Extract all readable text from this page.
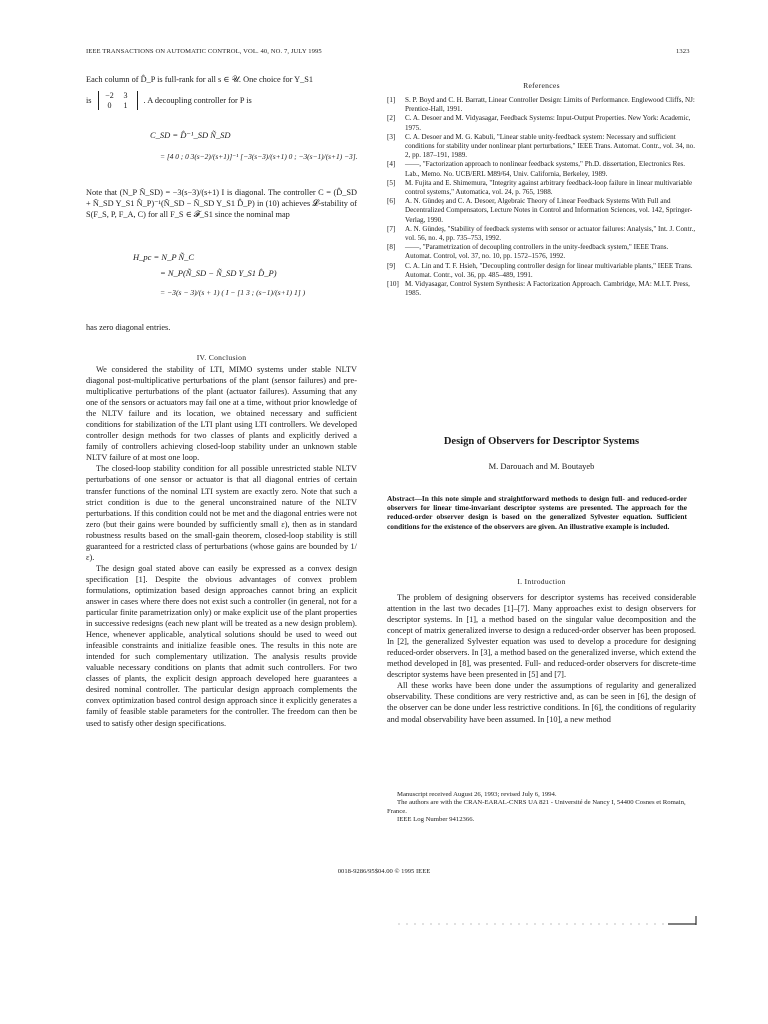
IEEE TRANSACTIONS ON AUTOMATIC CONTROL, VOL. 40, NO. 7, JULY 1995	1323

Each column of D̂_P is full-rank for all s ∈ 𝒰. One choice for Y_S1

is
−2	3
0	1
. A decoupling controller for P is
C_SD = D̂⁻¹_SD Ñ_SD
= [4 0 ; 0 3(s−2)/(s+1)]⁻¹ [−3(s−3)/(s+1) 0 ; −3(s−1)/(s+1) −3].

Note that (N_P Ñ_SD) = −3(s−3)/(s+1) I is diagonal. The controller C = (D̂_SD + Ñ_SD Y_S1 N̂_P)⁻¹(Ñ_SD − Ñ_SD Y_S1 D̂_P) in (10) achieves 𝓛-stability of S(F_S, P, F_A, C) for all F_S ∈ 𝓕_S1 since the nominal map

H_pc = N_P Ñ_C
= N_P(Ñ_SD − Ñ_SD Y_S1 D̂_P)
= −3(s − 3)/(s + 1) ( I − [1 3 ; (s−1)/(s+1) 1] )

has zero diagonal entries.

IV. Conclusion

We considered the stability of LTI, MIMO systems under stable NLTV diagonal post-multiplicative perturbations of the plant (sensor failures) and pre-multiplicative perturbations of the plant (actuator failures). Assuming that any one of the sensors or actuators may fail one at a time, without prior knowledge of the NLTV failure and its location, we obtained necessary and sufficient conditions for stabilization of the LTI plant using LTI controllers. We developed controller design methods for two classes of plants and explicitly derived a family of controllers achieving closed-loop stability under an unknown stable NLTV failure of at most one loop.

The closed-loop stability condition for all possible unrestricted stable NLTV perturbations of one sensor or actuator is that all diagonal entries of certain transfer functions of the nominal LTI system are exactly zero. Note that such a strict condition is due to the general unconstrained nature of the NLTV perturbations. If this condition could not be met and the diagonal entries were not zero (but their gains were bounded by sufficiently small ε), then as in standard robustness results based on the small-gain theorem, closed-loop stability is still guaranteed for a restricted class of perturbations (whose gains are bounded by 1/ε).

The design goal stated above can easily be expressed as a convex design specification [1]. Despite the obvious advantages of convex problem formulations, optimization based design approaches cannot bring an explicit answer in cases where there does not exist such a controller (in general, not for a particular finite parametrization only) or make explicit use of the plant properties in successive redesigns (each new plant will be treated as a new design problem). Hence, whenever applicable, analytical solutions should be used to weed out infeasible constraints and initialize feasible ones. The results in this note are intended for such complementary utilization. The analysis results provide valuable necessary conditions on plants that admit such controllers. For two classes of plants, the explicit design approach developed here guarantees a desired nominal controller. The particular design approach complements the convex optimization based control design approach since it explicitly generates a family of feasible stable parameters for the controller. The freedom can then be used to satisfy other design specifications.

References
[1]	S. P. Boyd and C. H. Barratt, Linear Controller Design: Limits of Performance. Englewood Cliffs, NJ: Prentice-Hall, 1991.
[2]	C. A. Desoer and M. Vidyasagar, Feedback Systems: Input-Output Properties. New York: Academic, 1975.
[3]	C. A. Desoer and M. G. Kabuli, "Linear stable unity-feedback system: Necessary and sufficient conditions for stability under nonlinear plant perturbations," IEEE Trans. Automat. Contr., vol. 34, no. 2, pp. 187–191, 1989.
[4]	——, "Factorization approach to nonlinear feedback systems," Ph.D. dissertation, Electronics Res. Lab., Memo. No. UCB/ERL M89/64, Univ. California, Berkeley, 1989.
[5]	M. Fujita and E. Shimemura, "Integrity against arbitrary feedback-loop failure in linear multivariable control systems," Automatica, vol. 24, p. 765, 1988.
[6]	A. N. Gündeş and C. A. Desoer, Algebraic Theory of Linear Feedback Systems With Full and Decentralized Compensators, Lecture Notes in Control and Information Sciences, vol. 142, Springer-Verlag, 1990.
[7]	A. N. Gündeş, "Stability of feedback systems with sensor or actuator failures: Analysis," Int. J. Contr., vol. 56, no. 4, pp. 735–753, 1992.
[8]	——, "Parametrization of decoupling controllers in the unity-feedback system," IEEE Trans. Automat. Control, vol. 37, no. 10, pp. 1572–1576, 1992.
[9]	C. A. Lin and T. F. Hsieh, "Decoupling controller design for linear multivariable plants," IEEE Trans. Automat. Contr., vol. 36, pp. 485–489, 1991.
[10] M. Vidyasagar, Control System Synthesis: A Factorization Approach. Cambridge, MA: M.I.T. Press, 1985.
Design of Observers for Descriptor Systems
M. Darouach and M. Boutayeb
Abstract—In this note simple and straightforward methods to design full- and reduced-order observers for linear time-invariant descriptor systems are presented. The approach for the reduced-order observer design is based on the generalized Sylvester equation. Sufficient conditions for the existence of the observers are given. An illustrative example is included.
I. Introduction

The problem of designing observers for descriptor systems has received considerable attention in the last two decades [1]–[7]. Many approaches exist to design observers for descriptor systems. In [1], a method based on the singular value decomposition and the concept of matrix generalized inverse to design a reduced-order observer has been proposed. In [2], the generalized Sylvester equation was used to develop a procedure for designing reduced-order observers. In [3], a method based on the generalized inverse, which extend the method developed in [8], was presented. Full- and reduced-order observers for discrete-time descriptor systems have been presented in [5] and [7].

All these works have been done under the assumptions of regularity and generalized observability. These conditions are very restrictive and, as can be seen in [6], the design of the observer can be done under less restrictive conditions. In [6], the conditions of regularity and modal observability have been assumed. In [10], a new method

Manuscript received August 26, 1993; revised July 6, 1994.

The authors are with the CRAN-EARAL-CNRS UA 821 - Université de Nancy I, 54400 Cosnes et Romain, France.

IEEE Log Number 9412366.

0018-9286/95$04.00 © 1995 IEEE
